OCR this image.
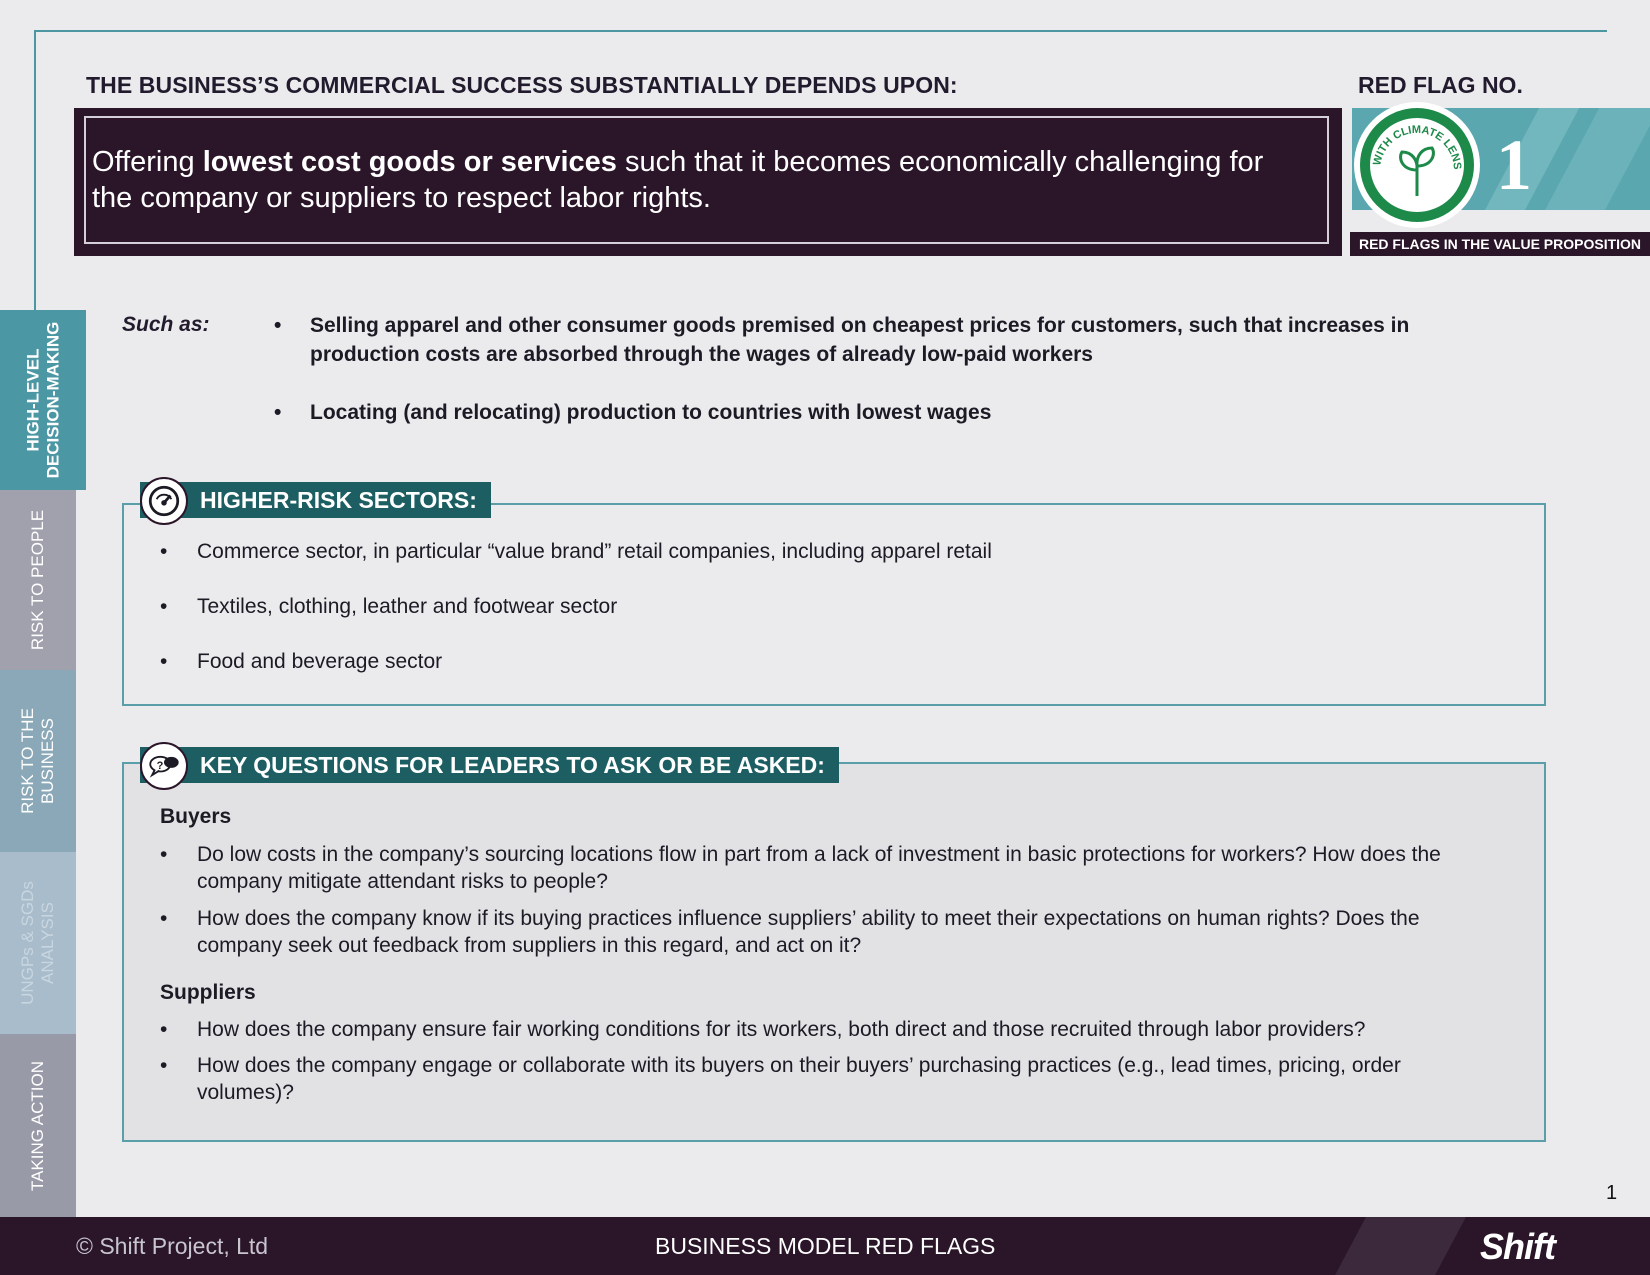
THE BUSINESS’S COMMERCIAL SUCCESS SUBSTANTIALLY DEPENDS UPON:	RED FLAG NO.
Offering lowest cost goods or services such that it becomes economically challenging for the company or suppliers to respect labor rights.	1
WITH CLIMATE LENS
RED FLAGS IN THE VALUE PROPOSITION
HIGH-LEVEL
DECISION-MAKING
RISK TO PEOPLE
RISK TO THE
BUSINESS
UNGPs & SGDs
ANALYSIS
TAKING ACTION
Such as:	• Selling apparel and other consumer goods premised on cheapest prices for customers, such that increases in production costs are absorbed through the wages of already low-paid workers
• Locating (and relocating) production to countries with lowest wages
HIGHER-RISK SECTORS:
• Commerce sector, in particular “value brand” retail companies, including apparel retail
• Textiles, clothing, leather and footwear sector
• Food and beverage sector
KEY QUESTIONS FOR LEADERS TO ASK OR BE ASKED:
?
Buyers
• Do low costs in the company’s sourcing locations flow in part from a lack of investment in basic protections for workers? How does the company mitigate attendant risks to people?
• How does the company know if its buying practices influence suppliers’ ability to meet their expectations on human rights? Does the company seek out feedback from suppliers in this regard, and act on it?
Suppliers
• How does the company ensure fair working conditions for its workers, both direct and those recruited through labor providers?
• How does the company engage or collaborate with its buyers on their buyers’ purchasing practices (e.g., lead times, pricing, order volumes)?
1
© Shift Project, Ltd	BUSINESS MODEL RED FLAGS	Shift
